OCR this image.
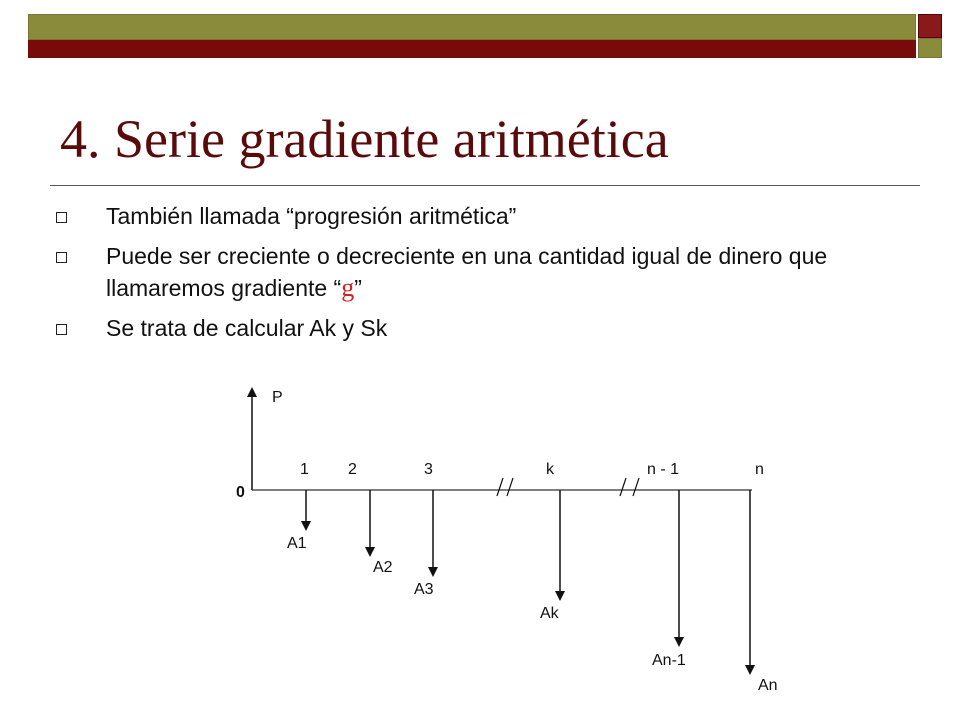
4. Serie gradiente aritmética
También llamada “progresión aritmética”
Puede ser creciente o decreciente en una cantidad igual de dinero que llamaremos gradiente “g”
Se trata de calcular Ak y Sk
P
0
1 2	3	k	n - 1	n
A1
A2
A3
Ak
An-1
An
